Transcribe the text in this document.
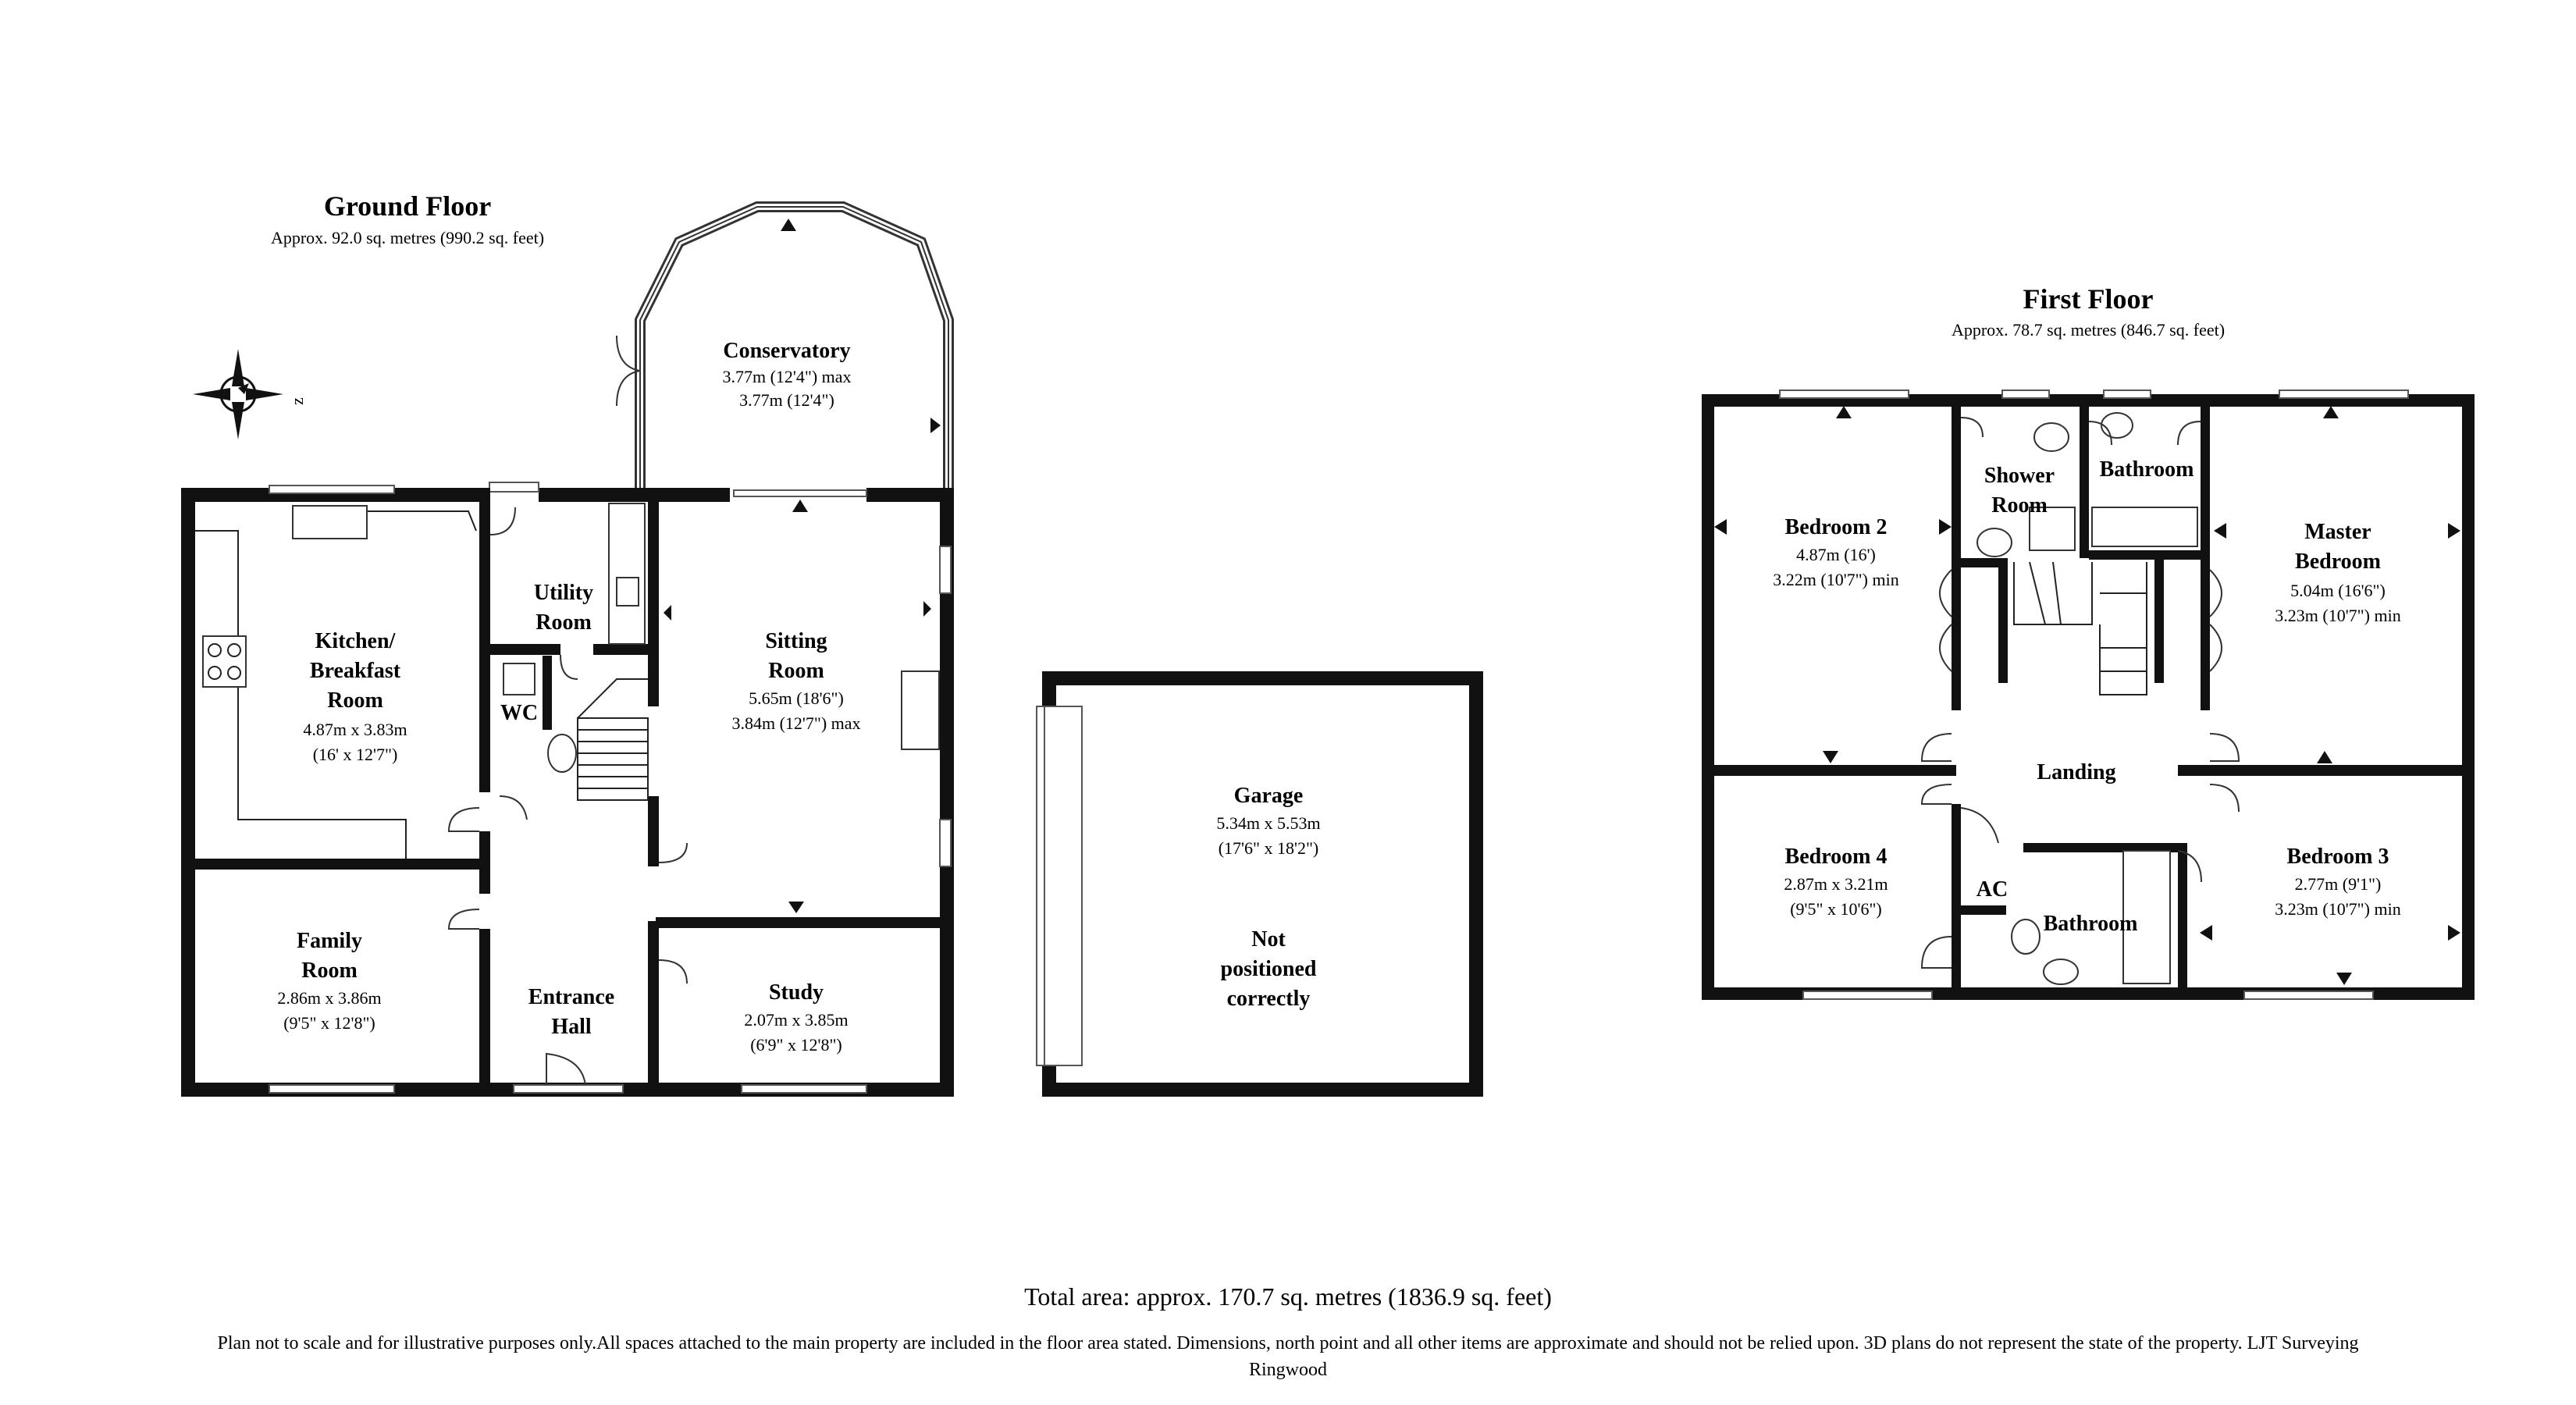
Ground Floor
Approx. 92.0 sq. metres (990.2 sq. feet)
z
Conservatory
3.77m (12'4") max
3.77m (12'4")
Kitchen/
Breakfast
Room
4.87m x 3.83m
(16' x 12'7")
Utility
Room
WC
Sitting
Room
5.65m (18'6")
3.84m (12'7") max
Family
Room
2.86m x 3.86m
(9'5" x 12'8")
Entrance
Hall
Study
2.07m x 3.85m
(6'9" x 12'8")
Garage
5.34m x 5.53m
(17'6" x 18'2")
Not
positioned
correctly
First Floor
Approx. 78.7 sq. metres (846.7 sq. feet)
Bedroom 2
4.87m (16')
3.22m (10'7") min
Shower
Room
Bathroom
Master
Bedroom
5.04m (16'6")
3.23m (10'7") min
Landing
Bedroom 4
2.87m x 3.21m
(9'5" x 10'6")
AC
Bathroom
Bedroom 3
2.77m (9'1")
3.23m (10'7") min
Total area: approx. 170.7 sq. metres (1836.9 sq. feet)
Plan not to scale and for illustrative purposes only.All spaces attached to the main property are included in the floor area stated. Dimensions, north point and all other items are approximate and should not be relied upon. 3D plans do not represent the state of the property. LJT Surveying
Ringwood
